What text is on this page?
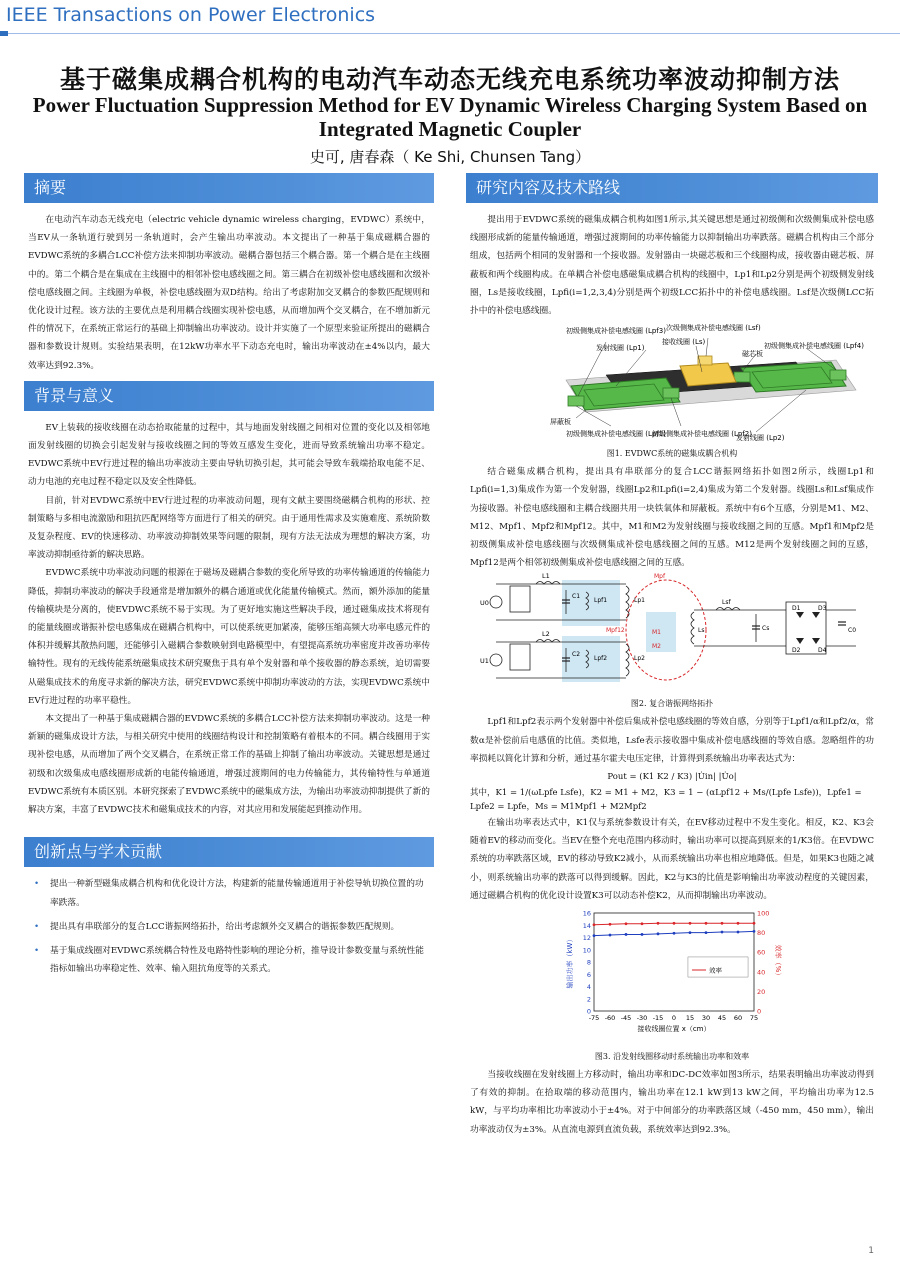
IEEE Transactions on Power Electronics
基于磁集成耦合机构的电动汽车动态无线充电系统功率波动抑制方法
Power Fluctuation Suppression Method for EV Dynamic Wireless Charging System Based on Integrated Magnetic Coupler
史可, 唐春森（ Ke Shi, Chunsen Tang）
摘要

在电动汽车动态无线充电（electric vehicle dynamic wireless charging，EVDWC）系统中，当EV从一条轨道行驶到另一条轨道时，会产生输出功率波动。本文提出了一种基于集成磁耦合器的EVDWC系统的多耦合LCC补偿方法来抑制功率波动。磁耦合器包括三个耦合器。第一个耦合是在主线圈中的。第二个耦合是在集成在主线圈中的相邻补偿电感线圈之间。第三耦合在初级补偿电感线圈和次级补偿电感线圈之间。主线圈为单极，补偿电感线圈为双D结构。给出了考虑附加交叉耦合的参数匹配规则和优化设计过程。该方法的主要优点是利用耦合线圈实现补偿电感，从而增加两个交叉耦合，在不增加新元件的情况下，在系统正常运行的基础上抑制输出功率波动。设计并实施了一个原型来验证所提出的磁耦合器和参数设计规则。实验结果表明，在12kW功率水平下动态充电时，输出功率波动在±4%以内，最大效率达到92.3%。

背景与意义

EV上装载的接收线圈在动态拾取能量的过程中，其与地面发射线圈之间相对位置的变化以及相邻地面发射线圈的切换会引起发射与接收线圈之间的等效互感发生变化，进而导致系统输出功率不稳定。EVDWC系统中EV行进过程的输出功率波动主要由导轨切换引起，其可能会导致车载端拾取电能不足、动力电池的充电过程不稳定以及安全性降低。

目前，针对EVDWC系统中EV行进过程的功率波动问题，现有文献主要围绕磁耦合机构的形状、控制策略与多相电流激励和阻抗匹配网络等方面进行了相关的研究。由于通用性需求及实施难度、系统阶数及复杂程度、EV的快速移动、功率波动抑制效果等问题的限制，现有方法无法成为理想的解决方案，功率波动抑制亟待新的解决思路。

EVDWC系统中功率波动问题的根源在于磁场及磁耦合参数的变化所导致的功率传输通道的传输能力降低，抑制功率波动的解决手段通常是增加额外的耦合通道或优化能量传输模式。然而，额外添加的能量传输模块是分离的，使EVDWC系统不易于实现。为了更好地实施这些解决手段，通过磁集成技术将现有的能量线圈或谐振补偿电感集成在磁耦合机构中，可以使系统更加紧凑，能够压缩高频大功率电感元件的体积并缓解其散热问题，还能够引入磁耦合参数映射到电路模型中，有望提高系统功率密度并改善功率传输特性。现有的无线传能系统磁集成技术研究聚焦于具有单个发射器和单个接收器的静态系统，迫切需要从磁集成技术的角度寻求新的解决方法，研究EVDWC系统中抑制功率波动的方法，实现EVDWC系统中EV行进过程的功率平稳性。

本文提出了一种基于集成磁耦合器的EVDWC系统的多耦合LCC补偿方法来抑制功率波动。这是一种新颖的磁集成设计方法，与相关研究中使用的线圈结构设计和控制策略有着根本的不同。耦合线圈用于实现补偿电感，从而增加了两个交叉耦合，在系统正常工作的基础上抑制了输出功率波动。关键思想是通过初级和次级集成电感线圈形成新的电能传输通道，增强过渡期间的电力传输能力，其传输特性与单通道EVDWC系统有本质区别。本研究探索了EVDWC系统中的磁集成方法，为输出功率波动抑制提供了新的解决方案，丰富了EVDWC技术和磁集成技术的内容，对其应用和发展能起到推动作用。

创新点与学术贡献
• 提出一种新型磁集成耦合机构和优化设计方法，构建新的能量传输通道用于补偿导轨切换位置的功率跌落。
• 提出具有串联部分的复合LCC谐振网络拓扑，给出考虑额外交叉耦合的谐振参数匹配规则。
• 基于集成线圈对EVDWC系统耦合特性及电路特性影响的理论分析，推导设计参数变量与系统性能指标如输出功率稳定性、效率、输入阻抗角度等的关系式。
研究内容及技术路线

提出用于EVDWC系统的磁集成耦合机构如图1所示,其关键思想是通过初级侧和次级侧集成补偿电感线圈形成新的能量传输通道，增强过渡期间的功率传输能力以抑制输出功率跌落。磁耦合机构由三个部分组成，包括两个相同的发射器和一个接收器。发射器由一块磁芯板和三个线圈构成，接收器由磁芯板、屏蔽板和两个线圈构成。在单耦合补偿电感磁集成耦合机构的线圈中，Lp1和Lp2分别是两个初级侧发射线圈，Ls是接收线圈，Lpfi(i=1,2,3,4)分别是两个初级LCC拓扑中的补偿电感线圈。Lsf是次级侧LCC拓扑中的补偿电感线圈。

初级侧集成补偿电感线圈 (Lpf3) 次级侧集成补偿电感线圈 (Lsf)
接收线圈 (Ls)	初级侧集成补偿电感线圈 (Lpf4)
发射线圈 (Lp1)
磁芯板
屏蔽板
初级侧集成补偿电感线圈 (Lpf1)
初级侧集成补偿电感线圈 (Lpf2)
发射线圈 (Lp2)
图1. EVDWC系统的磁集成耦合机构

结合磁集成耦合机构，提出具有串联部分的复合LCC谐振网络拓扑如图2所示，线圈Lp1和Lpfi(i=1,3)集成作为第一个发射器，线圈Lp2和Lpfi(i=2,4)集成为第二个发射器。线圈Ls和Lsf集成作为接收器。补偿电感线圈和主耦合线圈共用一块铁氧体和屏蔽板。系统中有6个互感，分别是M1、M2、M12、Mpf1、Mpf2和Mpf12。其中，M1和M2为发射线圈与接收线圈之间的互感。Mpf1和Mpf2是初级侧集成补偿电感线圈与次级侧集成补偿电感线圈之间的互感。M12是两个发射线圈之间的互感，Mpf12是两个相邻初级侧集成补偿电感线圈之间的互感。

U0
U1
L1
L2
C1
C2
Lpf1
Lpf2
Lp1
Lp2
Ls
Lsf
Cs
Mpf
M1
M2
Mpf12
D1
D2
D3
D4
C0
图2. 复合谐振网络拓扑

Lpf1和Lpf2表示两个发射器中补偿后集成补偿电感线圈的等效自感，分别等于Lpf1/α和Lpf2/α，常数α是补偿前后电感值的比值。类似地，Lsfe表示接收器中集成补偿电感线圈的等效自感。忽略组件的功率损耗以简化计算和分析，通过基尔霍夫电压定律，计算得到系统输出功率表达式为：

Pout = (K1 K2 / K3) |U̇in| |U̇o|
其中，K1 = 1/(ωLpfe Lsfe)，K2 = M1 + M2，K3 = 1 − (αLpf12 + Ms/(Lpfe Lsfe))，Lpfe1 = Lpfe2 = Lpfe，Ms = M1Mpf1 + M2Mpf2

在输出功率表达式中，K1仅与系统参数设计有关，在EV移动过程中不发生变化。相反，K2、K3会随着EV的移动而变化。当EV在整个充电范围内移动时，输出功率可以提高到原来的1/K3倍。在EVDWC系统的功率跌落区域，EV的移动导致K2减小，从而系统输出功率也相应地降低。但是，如果K3也随之减小，则系统输出功率的跌落可以得到缓解。因此，K2与K3的比值是影响输出功率波动程度的关键因素，通过磁耦合机构的优化设计设置K3可以动态补偿K2，从而抑制输出功率波动。

0
2
4
6
8
10
12
14
16
0
20
40
60
80
100
-75 -60 -45 -30 -15 0 15 30 45 60 75
接收线圈位置 x（cm）
输出功率（kW）	效率（%）
效率
图3. 沿发射线圈移动时系统输出功率和效率

当接收线圈在发射线圈上方移动时，输出功率和DC-DC效率如图3所示，结果表明输出功率波动得到了有效的抑制。在拾取端的移动范围内，输出功率在12.1 kW到13 kW之间，平均输出功率为12.5 kW，与平均功率相比功率波动小于±4%。对于中间部分的功率跌落区域（-450 mm，450 mm），输出功率波动仅为±3%。从直流电源到直流负载，系统效率达到92.3%。

1
